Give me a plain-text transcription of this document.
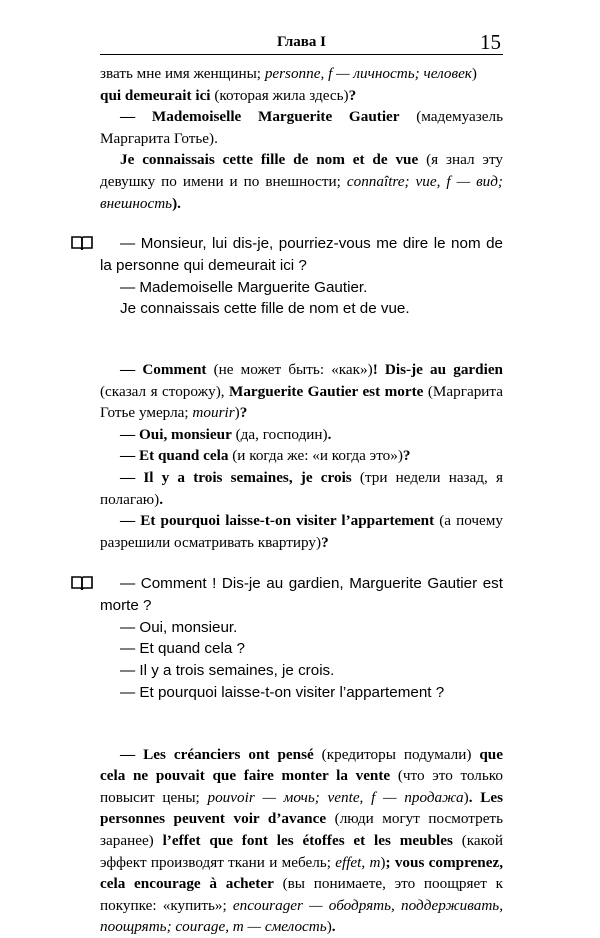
Глава I	15

звать мне имя женщины; personne, f — личность; человек)

qui demeurait ici (которая жила здесь)?

— Mademoiselle Marguerite Gautier (мадемуазель Маргарита Готье).

Je connaissais cette fille de nom et de vue (я знал эту девушку по имени и по внешности; connaître; vue, f — вид; внешность).

— Monsieur, lui dis-je, pourriez-vous me dire le nom de la personne qui demeurait ici ?

— Mademoiselle Marguerite Gautier.

Je connaissais cette fille de nom et de vue.

— Comment (не может быть: «как»)! Dis-je au gardien (сказал я сторожу), Marguerite Gautier est morte (Маргарита Готье умерла; mourir)?

— Oui, monsieur (да, господин).

— Et quand cela (и когда же: «и когда это»)?

— Il y a trois semaines, je crois (три недели назад, я полагаю).

— Et pourquoi laisse-t-on visiter l’appartement (а почему разрешили осматривать квартиру)?

— Comment ! Dis-je au gardien, Marguerite Gautier est morte ?

— Oui, monsieur.

— Et quand cela ?

— Il y a trois semaines, je crois.

— Et pourquoi laisse-t-on visiter l’appartement ?

— Les créanciers ont pensé (кредиторы подумали) que cela ne pouvait que faire monter la vente (что это только повысит цены; pouvoir — мочь; vente, f — продажа). Les personnes peuvent voir d’avance (люди могут посмотреть заранее) l’effet que font les étoffes et les meubles (какой эффект производят ткани и мебель; effet, m); vous comprenez, cela encourage à acheter (вы понимаете, это поощряет к покупке: «купить»; encourager — ободрять, поддерживать, поощрять; courage, m — смелость).
